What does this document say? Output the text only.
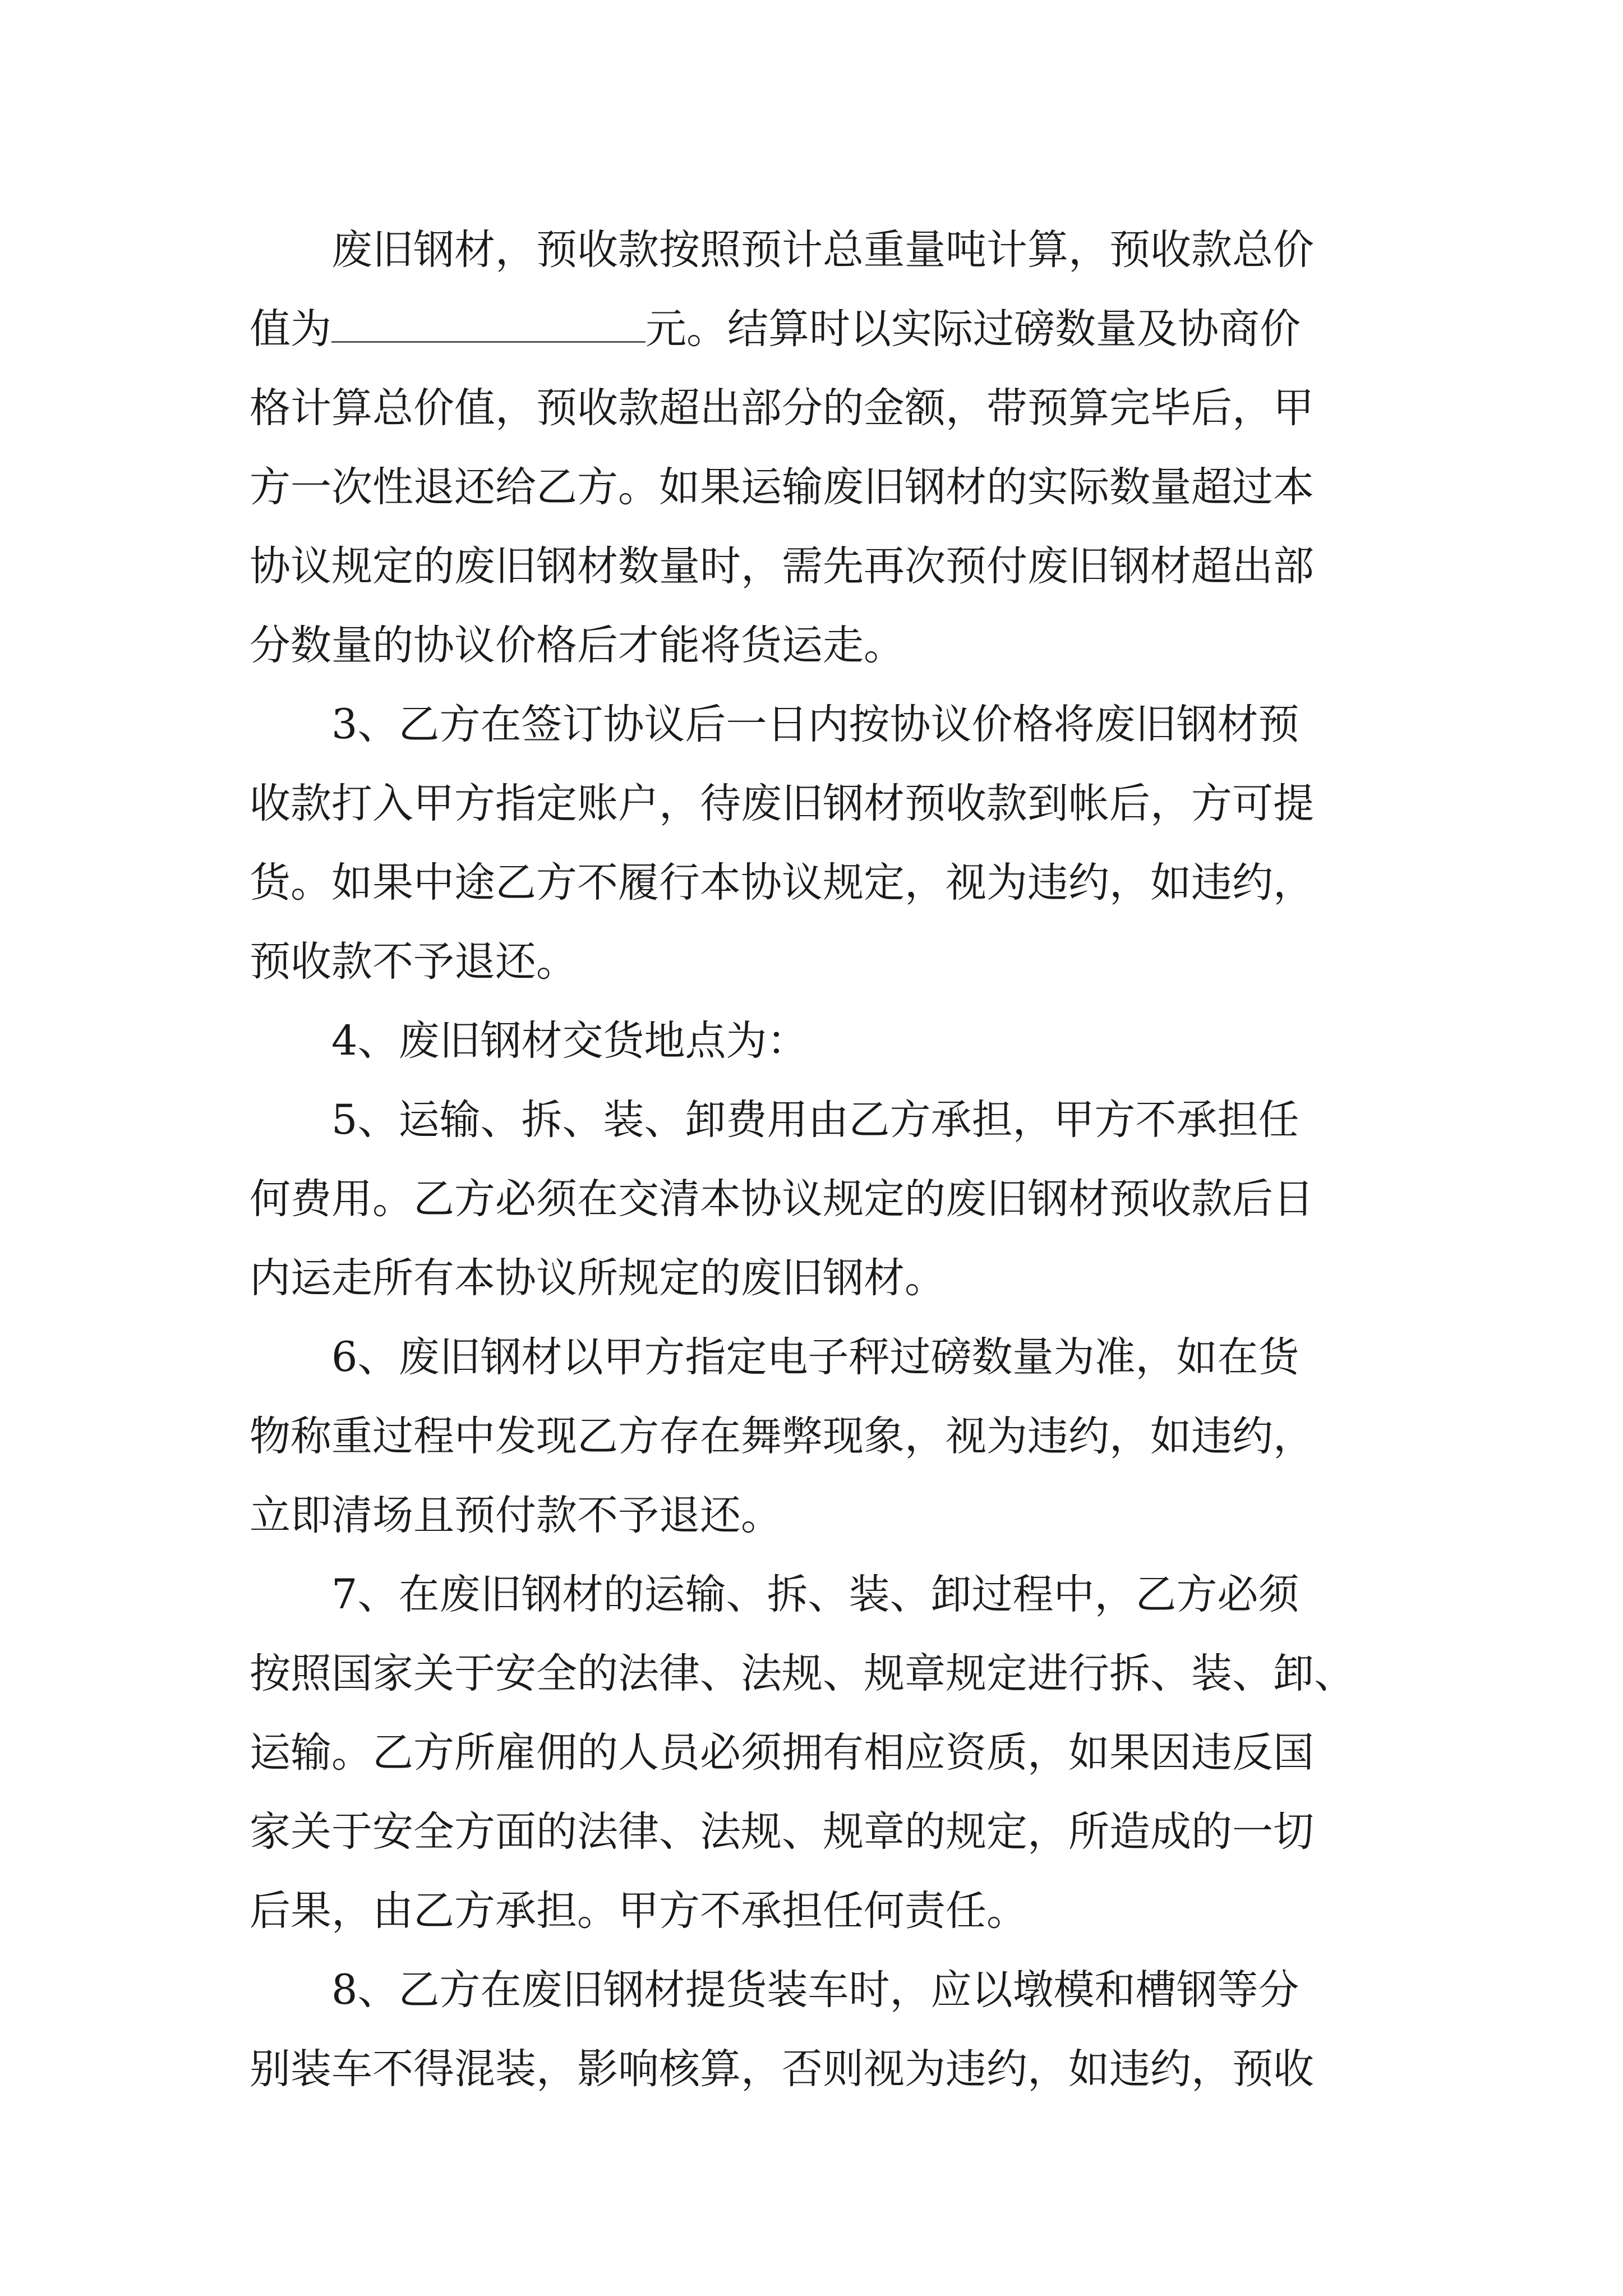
废旧钢材，预收款按照预计总重量吨计算，预收款总价
值为	元。结算时以实际过磅数量及协商价
格计算总价值，预收款超出部分的金额，带预算完毕后，甲
方一次性退还给乙方。如果运输废旧钢材的实际数量超过本
协议规定的废旧钢材数量时，需先再次预付废旧钢材超出部
分数量的协议价格后才能将货运走。
3、乙方在签订协议后一日内按协议价格将废旧钢材预
收款打入甲方指定账户，待废旧钢材预收款到帐后，方可提
货。如果中途乙方不履行本协议规定，视为违约，如违约，
预收款不予退还。
4、废旧钢材交货地点为：
5、运输、拆、装、卸费用由乙方承担，甲方不承担任
何费用。乙方必须在交清本协议规定的废旧钢材预收款后日
内运走所有本协议所规定的废旧钢材。
6、废旧钢材以甲方指定电子秤过磅数量为准，如在货
物称重过程中发现乙方存在舞弊现象，视为违约，如违约，
立即清场且预付款不予退还。
7、在废旧钢材的运输、拆、装、卸过程中，乙方必须
按照国家关于安全的法律、法规、规章规定进行拆、装、卸、
运输。乙方所雇佣的人员必须拥有相应资质，如果因违反国
家关于安全方面的法律、法规、规章的规定，所造成的一切
后果，由乙方承担。甲方不承担任何责任。
8、乙方在废旧钢材提货装车时，应以墩模和槽钢等分
别装车不得混装，影响核算，否则视为违约，如违约，预收
